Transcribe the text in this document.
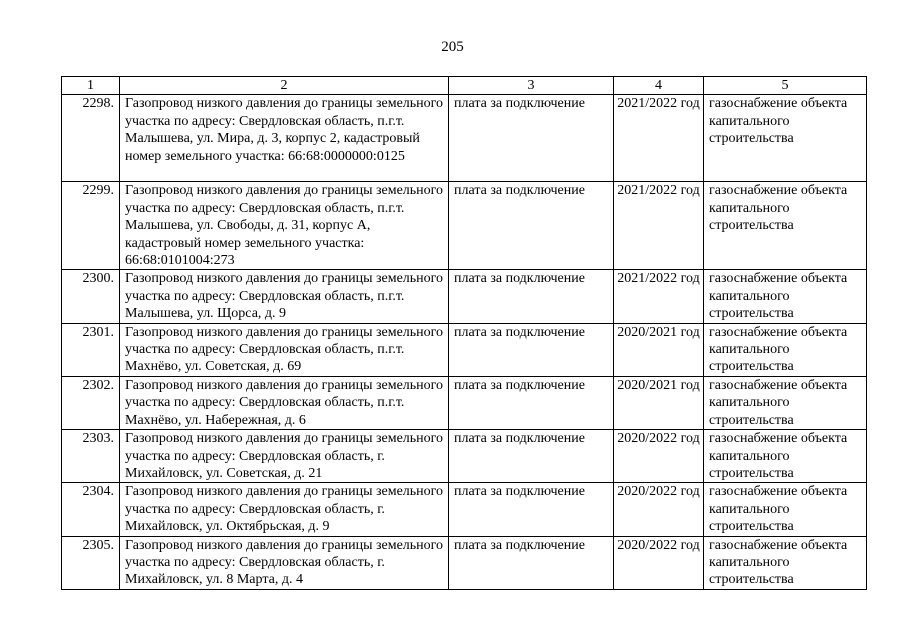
205
1	2	3	4	5
2298.	Газопровод низкого давления до границы земельного участка по адресу: Свердловская область, п.г.т. Малышева, ул. Мира, д. 3, корпус 2, кадастровый номер земельного участка: 66:68:0000000:0125	плата за подключение	2021/2022 год	газоснабжение объекта капитального строительства
2299.	Газопровод низкого давления до границы земельного участка по адресу: Свердловская область, п.г.т. Малышева, ул. Свободы, д. 31, корпус А, кадастровый номер земельного участка: 66:68:0101004:273	плата за подключение	2021/2022 год	газоснабжение объекта капитального строительства
2300.	Газопровод низкого давления до границы земельного участка по адресу: Свердловская область, п.г.т. Малышева, ул. Щорса, д. 9	плата за подключение	2021/2022 год	газоснабжение объекта капитального строительства
2301.	Газопровод низкого давления до границы земельного участка по адресу: Свердловская область, п.г.т. Махнёво, ул. Советская, д. 69	плата за подключение	2020/2021 год	газоснабжение объекта капитального строительства
2302.	Газопровод низкого давления до границы земельного участка по адресу: Свердловская область, п.г.т. Махнёво, ул. Набережная, д. 6	плата за подключение	2020/2021 год	газоснабжение объекта капитального строительства
2303.	Газопровод низкого давления до границы земельного участка по адресу: Свердловская область, г. Михайловск, ул. Советская, д. 21	плата за подключение	2020/2022 год	газоснабжение объекта капитального строительства
2304.	Газопровод низкого давления до границы земельного участка по адресу: Свердловская область, г. Михайловск, ул. Октябрьская, д. 9	плата за подключение	2020/2022 год	газоснабжение объекта капитального строительства
2305.	Газопровод низкого давления до границы земельного участка по адресу: Свердловская область, г. Михайловск, ул. 8 Марта, д. 4	плата за подключение	2020/2022 год	газоснабжение объекта капитального строительства
